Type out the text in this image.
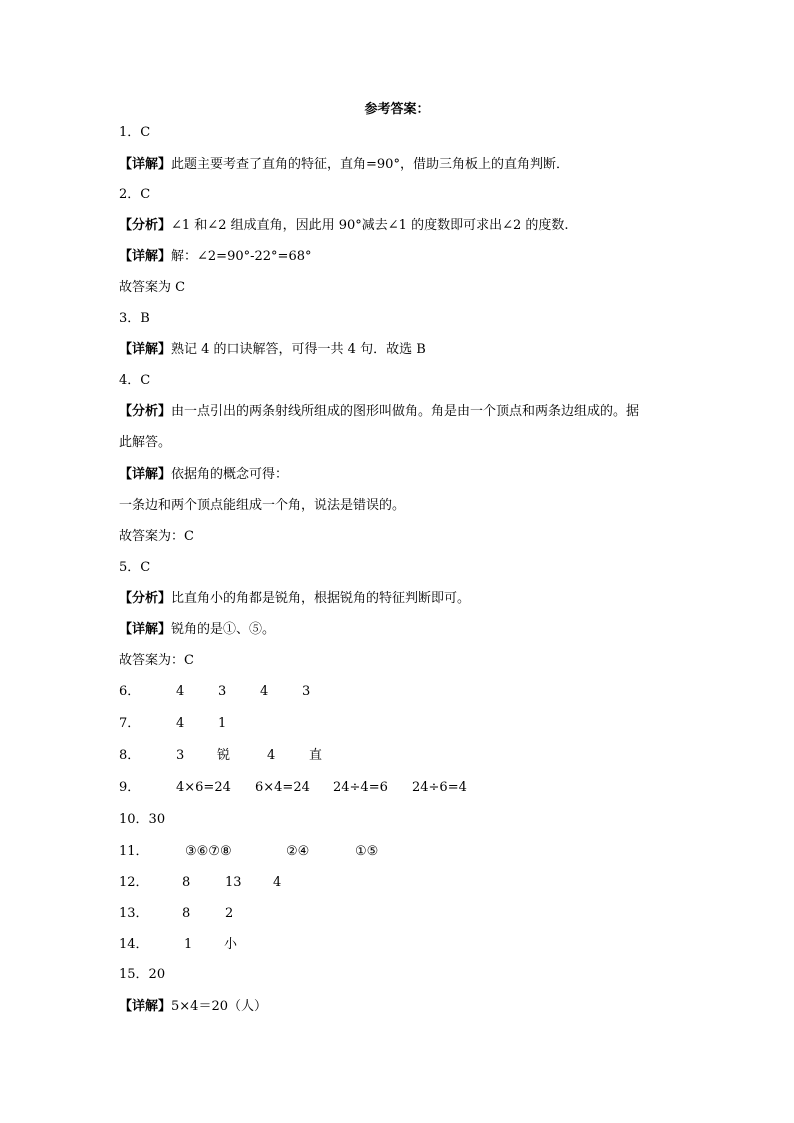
参考答案：
1．C
【详解】此题主要考查了直角的特征，直角=90°，借助三角板上的直角判断．
2．C
【分析】∠1 和∠2 组成直角，因此用 90°减去∠1 的度数即可求出∠2 的度数.
【详解】解：∠2=90°-22°=68°
故答案为 C
3．B
【详解】熟记 4 的口诀解答，可得一共 4 句．故选 B
4．C
【分析】由一点引出的两条射线所组成的图形叫做角。角是由一个顶点和两条边组成的。据
此解答。
【详解】依据角的概念可得：
一条边和两个顶点能组成一个角，说法是错误的。
故答案为：C
5．C
【分析】比直角小的角都是锐角，根据锐角的特征判断即可。
【详解】锐角的是①、⑤。
故答案为：C
6．	4	3	4	3
7．	4	1
8．	3	锐	4	直
9．	4×6=24 6×4=24 24÷4=6 24÷6=4
10．30
11．	③⑥⑦⑧	②④	①⑤
12．	8	13 4
13．	8	2
14．	1 小
15．20
【详解】5×4＝20（人）
